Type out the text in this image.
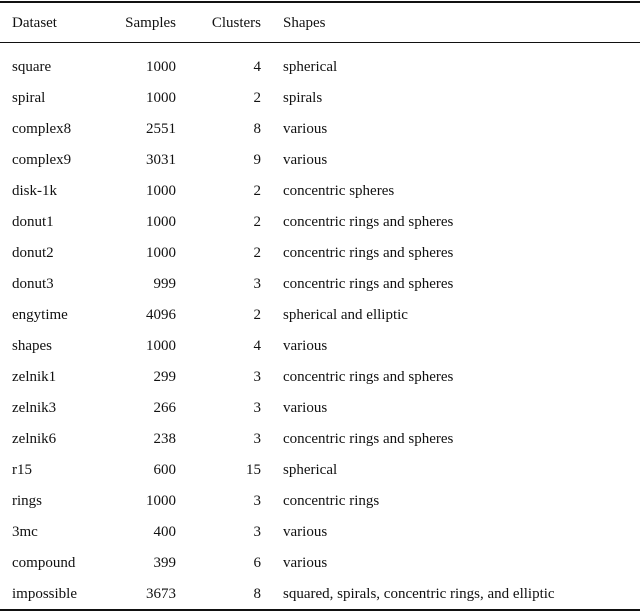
Dataset	Samples	Clusters	Shapes
square	1000	4	spherical
spiral	1000	2	spirals
complex8	2551	8	various
complex9	3031	9	various
disk-1k	1000	2	concentric spheres
donut1	1000	2	concentric rings and spheres
donut2	1000	2	concentric rings and spheres
donut3	999	3	concentric rings and spheres
engytime	4096	2	spherical and elliptic
shapes	1000	4	various
zelnik1	299	3	concentric rings and spheres
zelnik3	266	3	various
zelnik6	238	3	concentric rings and spheres
r15	600	15	spherical
rings	1000	3	concentric rings
3mc	400	3	various
compound	399	6	various
impossible	3673	8	squared, spirals, concentric rings, and elliptic
